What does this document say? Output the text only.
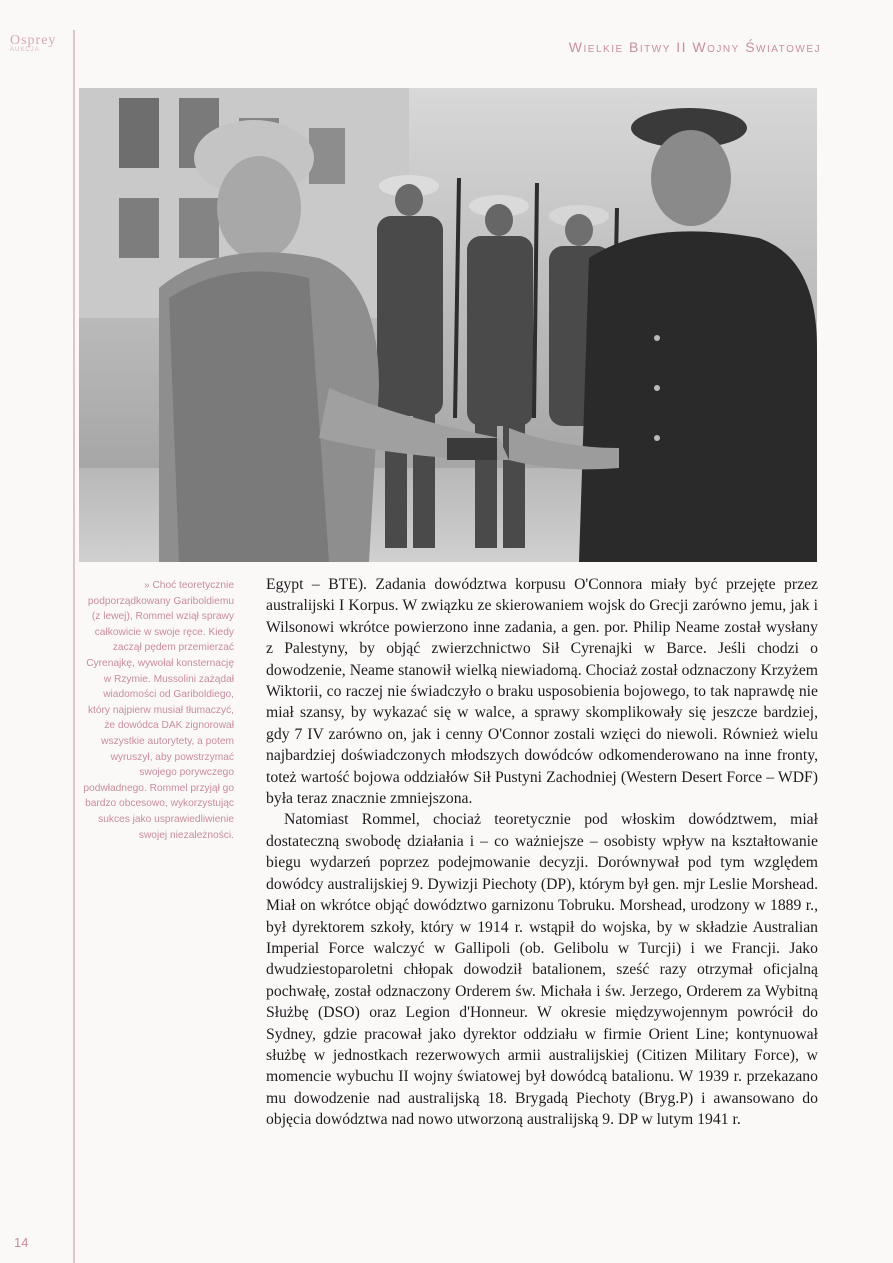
Osprey
AUKCJA	Wielkie Bitwy II Wojny Światowej
» Choć teoretycznie podporządkowany Gariboldiemu (z lewej), Rommel wziął sprawy całkowicie w swoje ręce. Kiedy zaczął pędem przemierzać Cyrenajkę, wywołał konsternację w Rzymie. Mussolini zażądał wiadomości od Gariboldiego, który najpierw musiał tłumaczyć, że dowódca DAK zignorował wszystkie autorytety, a potem wyruszył, aby powstrzymać swojego porywczego podwładnego. Rommel przyjął go bardzo obcesowo, wykorzystując sukces jako usprawiedliwienie swojej niezależności.

Egypt – BTE). Zadania dowództwa korpusu O'Connora miały być przejęte przez australijski I Korpus. W związku ze skierowaniem wojsk do Grecji zarówno jemu, jak i Wilsonowi wkrótce powierzono inne zadania, a gen. por. Philip Neame został wysłany z Palestyny, by objąć zwierzchnictwo Sił Cyrenajki w Barce. Jeśli chodzi o dowodzenie, Neame stanowił wielką niewiadomą. Chociaż został odznaczony Krzyżem Wiktorii, co raczej nie świadczyło o braku usposobienia bojowego, to tak naprawdę nie miał szansy, by wykazać się w walce, a sprawy skomplikowały się jeszcze bardziej, gdy 7 IV zarówno on, jak i cenny O'Connor zostali wzięci do niewoli. Również wielu najbardziej doświadczonych młodszych dowódców odkomenderowano na inne fronty, toteż wartość bojowa oddziałów Sił Pustyni Zachodniej (Western Desert Force – WDF) była teraz znacznie zmniejszona.

Natomiast Rommel, chociaż teoretycznie pod włoskim dowództwem, miał dostateczną swobodę działania i – co ważniejsze – osobisty wpływ na kształtowanie biegu wydarzeń poprzez podejmowanie decyzji. Dorównywał pod tym względem dowódcy australijskiej 9. Dywizji Piechoty (DP), którym był gen. mjr Leslie Morshead. Miał on wkrótce objąć dowództwo garnizonu Tobruku. Morshead, urodzony w 1889 r., był dyrektorem szkoły, który w 1914 r. wstąpił do wojska, by w składzie Australian Imperial Force walczyć w Gallipoli (ob. Gelibolu w Turcji) i we Francji. Jako dwudziestoparoletni chłopak dowodził batalionem, sześć razy otrzymał oficjalną pochwałę, został odznaczony Orderem św. Michała i św. Jerzego, Orderem za Wybitną Służbę (DSO) oraz Legion d'Honneur. W okresie międzywojennym powrócił do Sydney, gdzie pracował jako dyrektor oddziału w firmie Orient Line; kontynuował służbę w jednostkach rezerwowych armii australijskiej (Citizen Military Force), w momencie wybuchu II wojny światowej był dowódcą batalionu. W 1939 r. przekazano mu dowodzenie nad australijską 18. Brygadą Piechoty (Bryg.P) i awansowano do objęcia dowództwa nad nowo utworzoną australijską 9. DP w lutym 1941 r.

14
